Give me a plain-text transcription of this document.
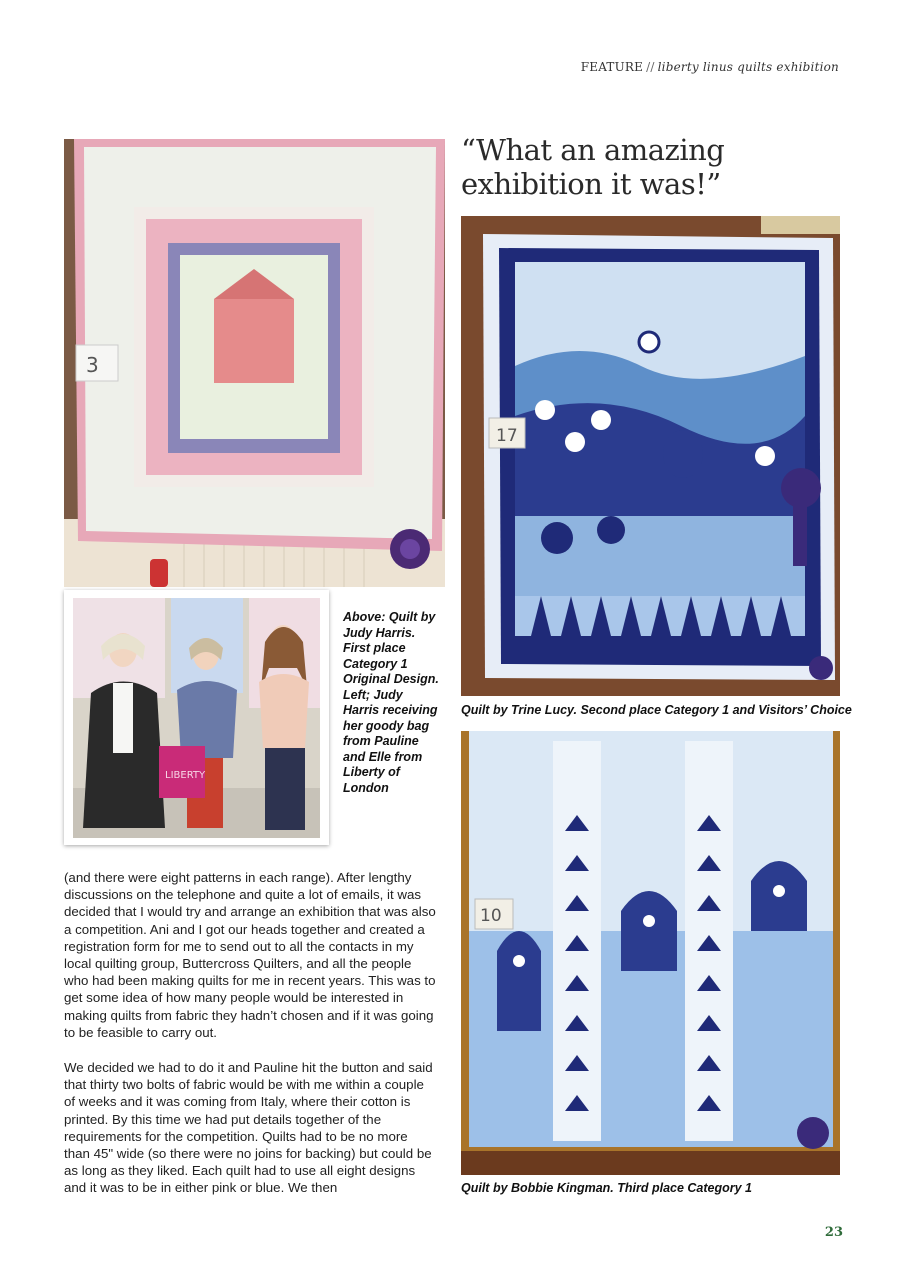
FEATURE // liberty linus quilts exhibition
“What an amazing exhibition it was!”
3
LIBERTY
Above: Quilt by Judy Harris. First place Category 1 Original Design. Left; Judy Harris receiving her goody bag from Pauline and Elle from Liberty of London
17
Quilt by Trine Lucy. Second place Category 1 and Visitors’ Choice
10
Quilt by Bobbie Kingman. Third place Category 1

(and there were eight patterns in each range). After lengthy discussions on the telephone and quite a lot of emails, it was decided that I would try and arrange an exhibition that was also a competition. Ani and I got our heads together and created a registration form for me to send out to all the contacts in my local quilting group, Buttercross Quilters, and all the people who had been making quilts for me in recent years. This was to get some idea of how many people would be interested in making quilts from fabric they hadn’t chosen and if it was going to be feasible to carry out.

We decided we had to do it and Pauline hit the button and said that thirty two bolts of fabric would be with me within a couple of weeks and it was coming from Italy, where their cotton is printed. By this time we had put details together of the requirements for the competition. Quilts had to be no more than 45" wide (so there were no joins for backing) but could be as long as they liked. Each quilt had to use all eight designs and it was to be in either pink or blue. We then

23
